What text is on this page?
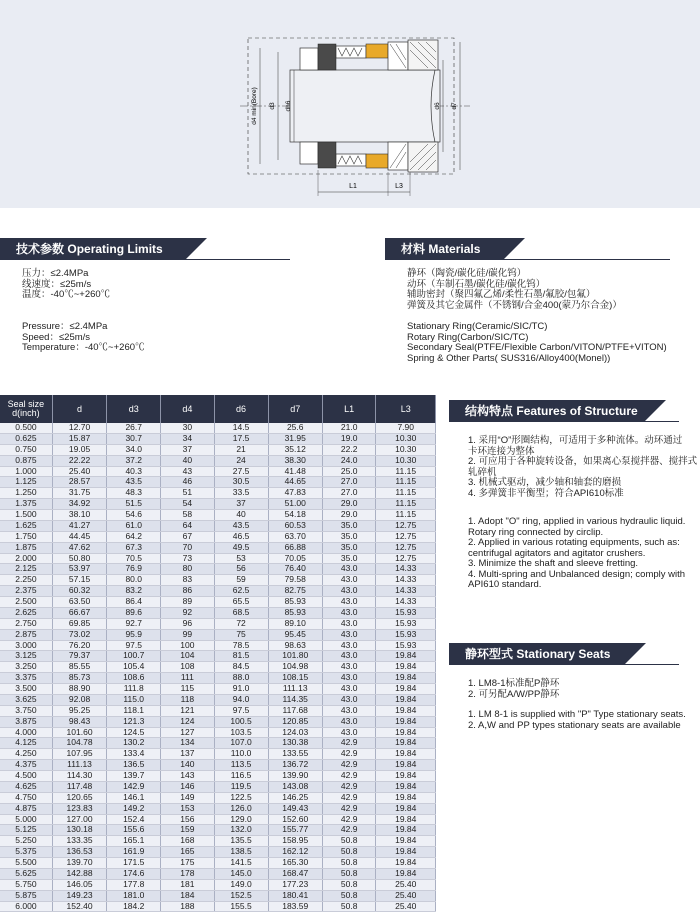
d4 min(Bore) d3 dh6	d6 d7
L1	L3
技术参数 Operating Limits
压力：≤2.4MPa
线速度：≤25m/s
温度：-40℃~+260℃
Pressure：≤2.4MPa
Speed：≤25m/s
Temperature：-40℃~+260℃
材料 Materials
静环（陶瓷/碳化硅/碳化钨）
动环（车制石墨/碳化硅/碳化钨）
辅助密封（聚四氟乙烯/柔性石墨/氟胶/包氟）
弹簧及其它金属件（不锈钢/合金400(蒙乃尔合金)）
Stationary Ring(Ceramic/SIC/TC)
Rotary Ring(Carbon/SIC/TC)
Secondary Seal(PTFE/Flexible Carbon/VITON/PTFE+VITON)
Spring & Other Parts( SUS316/Alloy400(Monel))
Seal size
d(inch)	d	d3	d4	d6	d7	L1	L3
0.500	12.70	26.7	30	14.5	25.6	21.0	7.90
0.625	15.87	30.7	34	17.5	31.95	19.0	10.30
0.750	19.05	34.0	37	21	35.12	22.2	10.30
0.875	22.22	37.2	40	24	38.30	24.0	10.30
1.000	25.40	40.3	43	27.5	41.48	25.0	11.15
1.125	28.57	43.5	46	30.5	44.65	27.0	11.15
1.250	31.75	48.3	51	33.5	47.83	27.0	11.15
1.375	34.92	51.5	54	37	51.00	29.0	11.15
1.500	38.10	54.6	58	40	54.18	29.0	11.15
1.625	41.27	61.0	64	43.5	60.53	35.0	12.75
1.750	44.45	64.2	67	46.5	63.70	35.0	12.75
1.875	47.62	67.3	70	49.5	66.88	35.0	12.75
2.000	50.80	70.5	73	53	70.05	35.0	12.75
2.125	53.97	76.9	80	56	76.40	43.0	14.33
2.250	57.15	80.0	83	59	79.58	43.0	14.33
2.375	60.32	83.2	86	62.5	82.75	43.0	14.33
2.500	63.50	86.4	89	65.5	85.93	43.0	14.33
2.625	66.67	89.6	92	68.5	85.93	43.0	15.93
2.750	69.85	92.7	96	72	89.10	43.0	15.93
2.875	73.02	95.9	99	75	95.45	43.0	15.93
3.000	76.20	97.5	100	78.5	98.63	43.0	15.93
3.125	79.37	100.7	104	81.5	101.80	43.0	19.84
3.250	85.55	105.4	108	84.5	104.98	43.0	19.84
3.375	85.73	108.6	111	88.0	108.15	43.0	19.84
3.500	88.90	111.8	115	91.0	111.13	43.0	19.84
3.625	92.08	115.0	118	94.0	114.35	43.0	19.84
3.750	95.25	118.1	121	97.5	117.68	43.0	19.84
3.875	98.43	121.3	124	100.5	120.85	43.0	19.84
4.000	101.60	124.5	127	103.5	124.03	43.0	19.84
4.125	104.78	130.2	134	107.0	130.38	42.9	19.84
4.250	107.95	133.4	137	110.0	133.55	42.9	19.84
4.375	111.13	136.5	140	113.5	136.72	42.9	19.84
4.500	114.30	139.7	143	116.5	139.90	42.9	19.84
4.625	117.48	142.9	146	119.5	143.08	42.9	19.84
4.750	120.65	146.1	149	122.5	146.25	42.9	19.84
4.875	123.83	149.2	153	126.0	149.43	42.9	19.84
5.000	127.00	152.4	156	129.0	152.60	42.9	19.84
5.125	130.18	155.6	159	132.0	155.77	42.9	19.84
5.250	133.35	165.1	168	135.5	158.95	50.8	19.84
5.375	136.53	161.9	165	138.5	162.12	50.8	19.84
5.500	139.70	171.5	175	141.5	165.30	50.8	19.84
5.625	142.88	174.6	178	145.0	168.47	50.8	19.84
5.750	146.05	177.8	181	149.0	177.23	50.8	25.40
5.875	149.23	181.0	184	152.5	180.41	50.8	25.40
6.000	152.40	184.2	188	155.5	183.59	50.8	25.40
结构特点 Features of Structure
1. 采用“O”形圈结构，可适用于多种流体。动环通过
卡环连接为整体
2. 可应用于各种旋转设备，如果离心泵搅拌器、搅拌式
轧碎机
3. 机械式驱动，减少轴和轴套的磨损
4. 多弹簧非平衡型；符合API610标准
1. Adopt "O" ring, applied in various hydraulic liquid.
Rotary ring connected by circlip.
2. Applied in various rotating equipments, such as:
centrifugal agitators and agitator crushers.
3. Minimize the shaft and sleeve fretting.
4. Multi-spring and Unbalanced design; comply with
API610 standard.
静环型式 Stationary Seats
1. LM8-1标准配P静环
2. 可另配A/W/PP静环
1. LM 8-1 is supplied with "P" Type stationary seats.
2. A,W and PP types stationary seats are available
